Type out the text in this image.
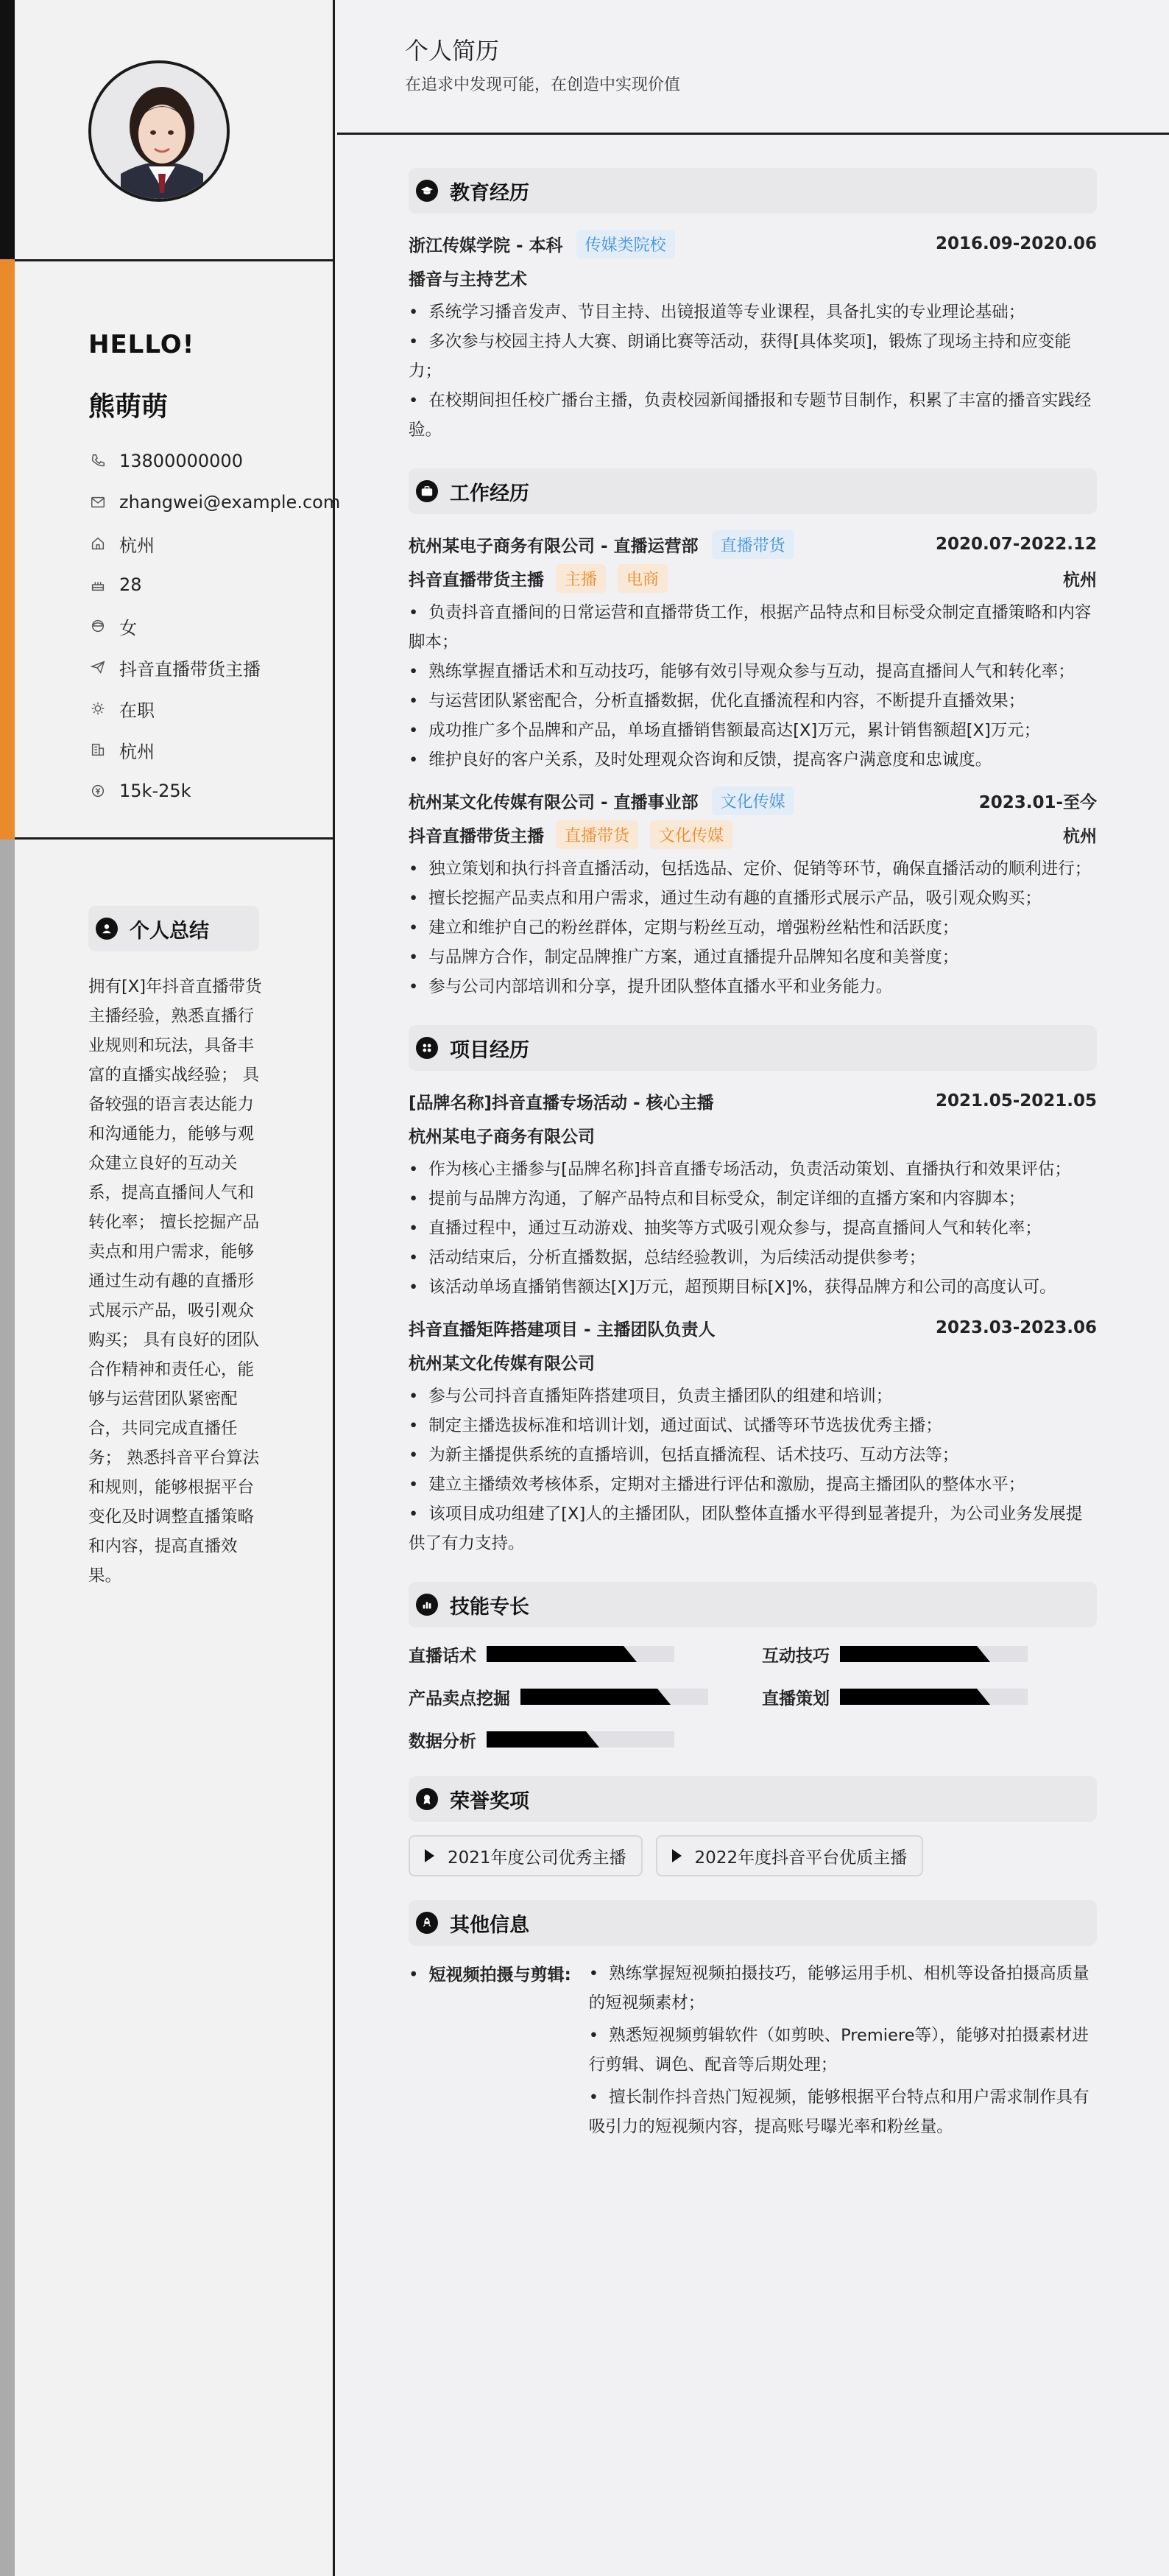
HELLO!
熊萌萌
13800000000
zhangwei@example.com
杭州
28
女
抖音直播带货主播
在职
杭州
15k-25k
个人总结
拥有[X]年抖音直播带货主播经验，熟悉直播行业规则和玩法，具备丰富的直播实战经验； 具备较强的语言表达能力和沟通能力，能够与观众建立良好的互动关系，提高直播间人气和转化率； 擅长挖掘产品卖点和用户需求，能够通过生动有趣的直播形式展示产品，吸引观众购买； 具有良好的团队合作精神和责任心，能够与运营团队紧密配合，共同完成直播任务； 熟悉抖音平台算法和规则，能够根据平台变化及时调整直播策略和内容，提高直播效果。
个人简历
在追求中发现可能，在创造中实现价值
教育经历
浙江传媒学院 - 本科	传媒类院校	2016.09-2020.06
播音与主持艺术
• 系统学习播音发声、节目主持、出镜报道等专业课程，具备扎实的专业理论基础；
• 多次参与校园主持人大赛、朗诵比赛等活动，获得[具体奖项]，锻炼了现场主持和应变能力；
• 在校期间担任校广播台主播，负责校园新闻播报和专题节目制作，积累了丰富的播音实践经验。
工作经历
杭州某电子商务有限公司 - 直播运营部	直播带货	2020.07-2022.12
抖音直播带货主播	主播	电商	杭州
• 负责抖音直播间的日常运营和直播带货工作，根据产品特点和目标受众制定直播策略和内容脚本；
• 熟练掌握直播话术和互动技巧，能够有效引导观众参与互动，提高直播间人气和转化率；
• 与运营团队紧密配合，分析直播数据，优化直播流程和内容，不断提升直播效果；
• 成功推广多个品牌和产品，单场直播销售额最高达[X]万元，累计销售额超[X]万元；
• 维护良好的客户关系，及时处理观众咨询和反馈，提高客户满意度和忠诚度。
杭州某文化传媒有限公司 - 直播事业部	文化传媒	2023.01-至今
抖音直播带货主播	直播带货	文化传媒	杭州
• 独立策划和执行抖音直播活动，包括选品、定价、促销等环节，确保直播活动的顺利进行；
• 擅长挖掘产品卖点和用户需求，通过生动有趣的直播形式展示产品，吸引观众购买；
• 建立和维护自己的粉丝群体，定期与粉丝互动，增强粉丝粘性和活跃度；
• 与品牌方合作，制定品牌推广方案，通过直播提升品牌知名度和美誉度；
• 参与公司内部培训和分享，提升团队整体直播水平和业务能力。
项目经历
[品牌名称]抖音直播专场活动 - 核心主播	2021.05-2021.05
杭州某电子商务有限公司
• 作为核心主播参与[品牌名称]抖音直播专场活动，负责活动策划、直播执行和效果评估；
• 提前与品牌方沟通，了解产品特点和目标受众，制定详细的直播方案和内容脚本；
• 直播过程中，通过互动游戏、抽奖等方式吸引观众参与，提高直播间人气和转化率；
• 活动结束后，分析直播数据，总结经验教训，为后续活动提供参考；
• 该活动单场直播销售额达[X]万元，超预期目标[X]%，获得品牌方和公司的高度认可。
抖音直播矩阵搭建项目 - 主播团队负责人	2023.03-2023.06
杭州某文化传媒有限公司
• 参与公司抖音直播矩阵搭建项目，负责主播团队的组建和培训；
• 制定主播选拔标准和培训计划，通过面试、试播等环节选拔优秀主播；
• 为新主播提供系统的直播培训，包括直播流程、话术技巧、互动方法等；
• 建立主播绩效考核体系，定期对主播进行评估和激励，提高主播团队的整体水平；
• 该项目成功组建了[X]人的主播团队，团队整体直播水平得到显著提升，为公司业务发展提供了有力支持。
技能专长
直播话术	互动技巧
产品卖点挖掘	直播策划
数据分析
荣誉奖项
2021年度公司优秀主播	2022年度抖音平台优质主播
其他信息
• 短视频拍摄与剪辑:
•	熟练掌握短视频拍摄技巧，能够运用手机、相机等设备拍摄高质量的短视频素材；
• 熟悉短视频剪辑软件（如剪映、Premiere等），能够对拍摄素材进行剪辑、调色、配音等后期处理；
• 擅长制作抖音热门短视频，能够根据平台特点和用户需求制作具有吸引力的短视频内容，提高账号曝光率和粉丝量。
